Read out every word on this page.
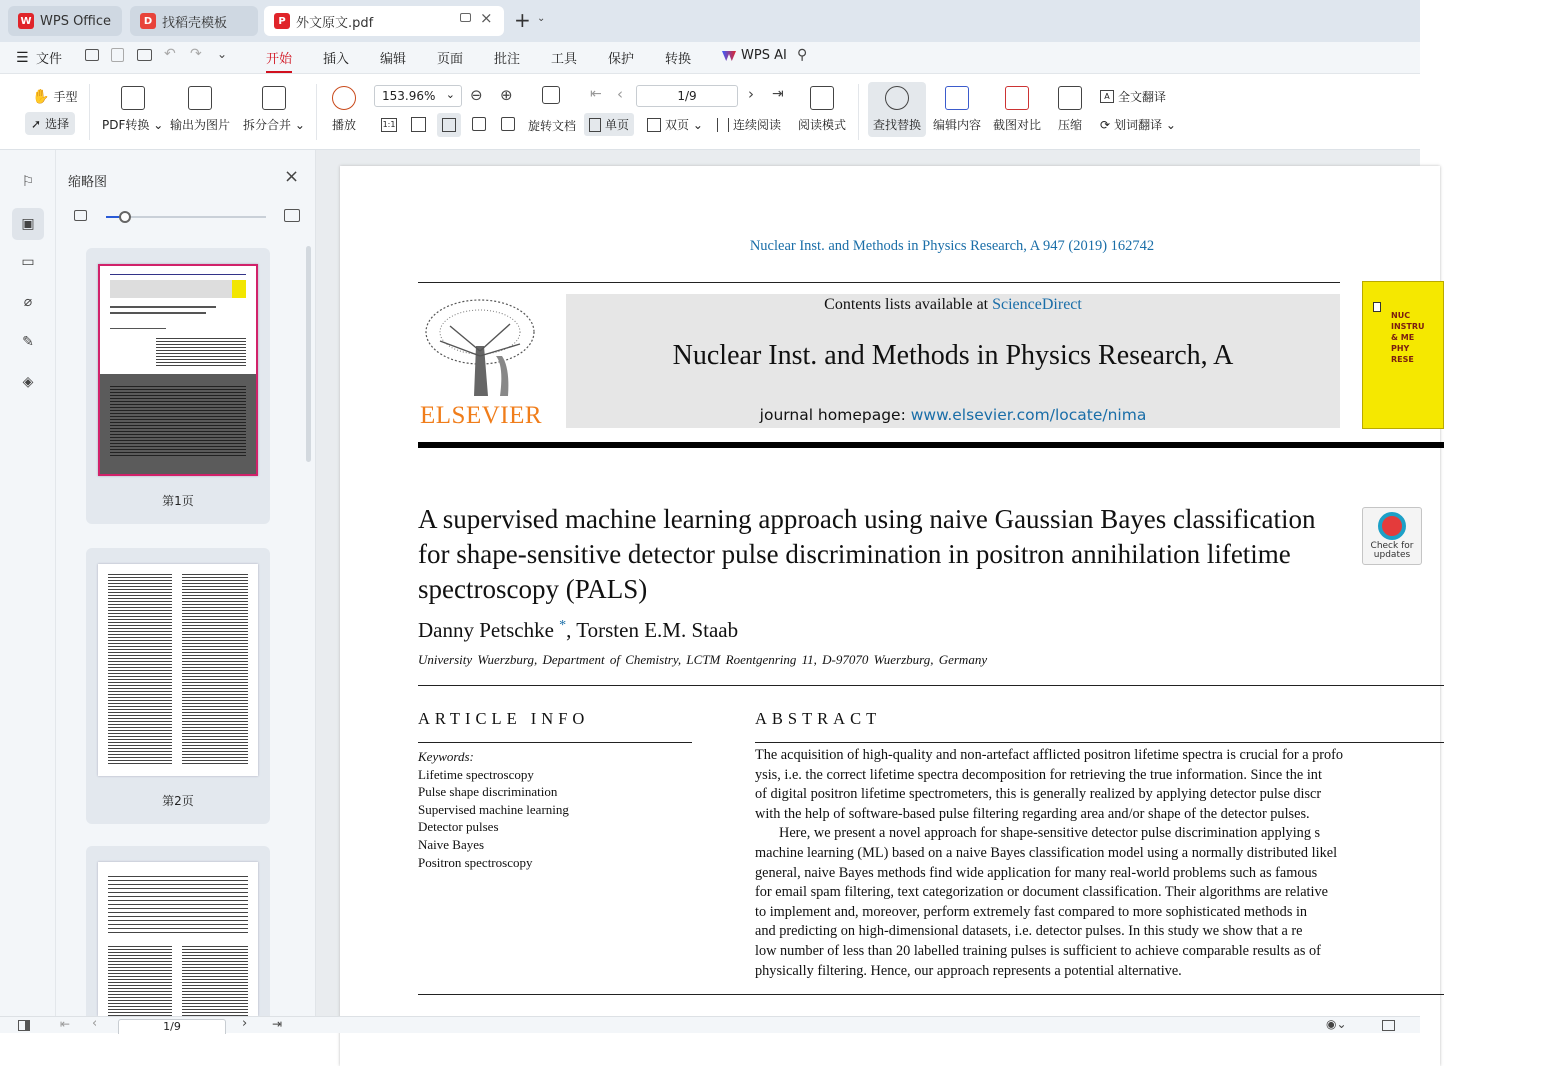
W WPS Office	D 找稻壳模板	P 外文原文.pdf	× + ⌄
☰ 文件	↶ ↷ ⌄	开始 插入 编辑 页面 批注 工具 保护 转换	WPS AI ⚲
✋ 手型
➚ 选择	PDF转换 ⌄ 输出为图片 拆分合并 ⌄ 播放
153.96% ⌄ ⊖ ⊕
1:1	旋转文档
⇤ ‹	1/9	› ⇥
单页	双页 ⌄	连续阅读 阅读模式 查找替换 编辑内容 截图对比 压缩
A 全文翻译
⟳ 划词翻译 ⌄
⚐
▣
▭
⌀
✎
◈
缩略图	×
第1页
第2页
Nuclear Inst. and Methods in Physics Research, A 947 (2019) 162742
ELSEVIER
Contents lists available at ScienceDirect
Nuclear Inst. and Methods in Physics Research, A
journal homepage: www.elsevier.com/locate/nima
NUC
INSTRU
& ME
PHY
RESE
A supervised machine learning approach using naive Gaussian Bayes classification for shape-sensitive detector pulse discrimination in positron annihilation lifetime spectroscopy (PALS)
Check for updates
Danny Petschke *, Torsten E.M. Staab
University Wuerzburg, Department of Chemistry, LCTM Roentgenring 11, D-97070 Wuerzburg, Germany
ARTICLE INFO
Keywords:
Lifetime spectroscopy
Pulse shape discrimination
Supervised machine learning
Detector pulses
Naive Bayes
Positron spectroscopy
ABSTRACT
The acquisition of high-quality and non-artefact afflicted positron lifetime spectra is crucial for a profo
ysis, i.e. the correct lifetime spectra decomposition for retrieving the true information. Since the int
of digital positron lifetime spectrometers, this is generally realized by applying detector pulse discr
with the help of software-based pulse filtering regarding area and/or shape of the detector pulses.
Here, we present a novel approach for shape-sensitive detector pulse discrimination applying s
machine learning (ML) based on a naive Bayes classification model using a normally distributed likel
general, naive Bayes methods find wide application for many real-world problems such as famous
for email spam filtering, text categorization or document classification. Their algorithms are relative
to implement and, moreover, perform extremely fast compared to more sophisticated methods in
and predicting on high-dimensional datasets, i.e. detector pulses. In this study we show that a re
low number of less than 20 labelled training pulses is sufficient to achieve comparable results as of
physically filtering. Hence, our approach represents a potential alternative.
⇤ ‹	1/9	› ⇥	◉⌄
